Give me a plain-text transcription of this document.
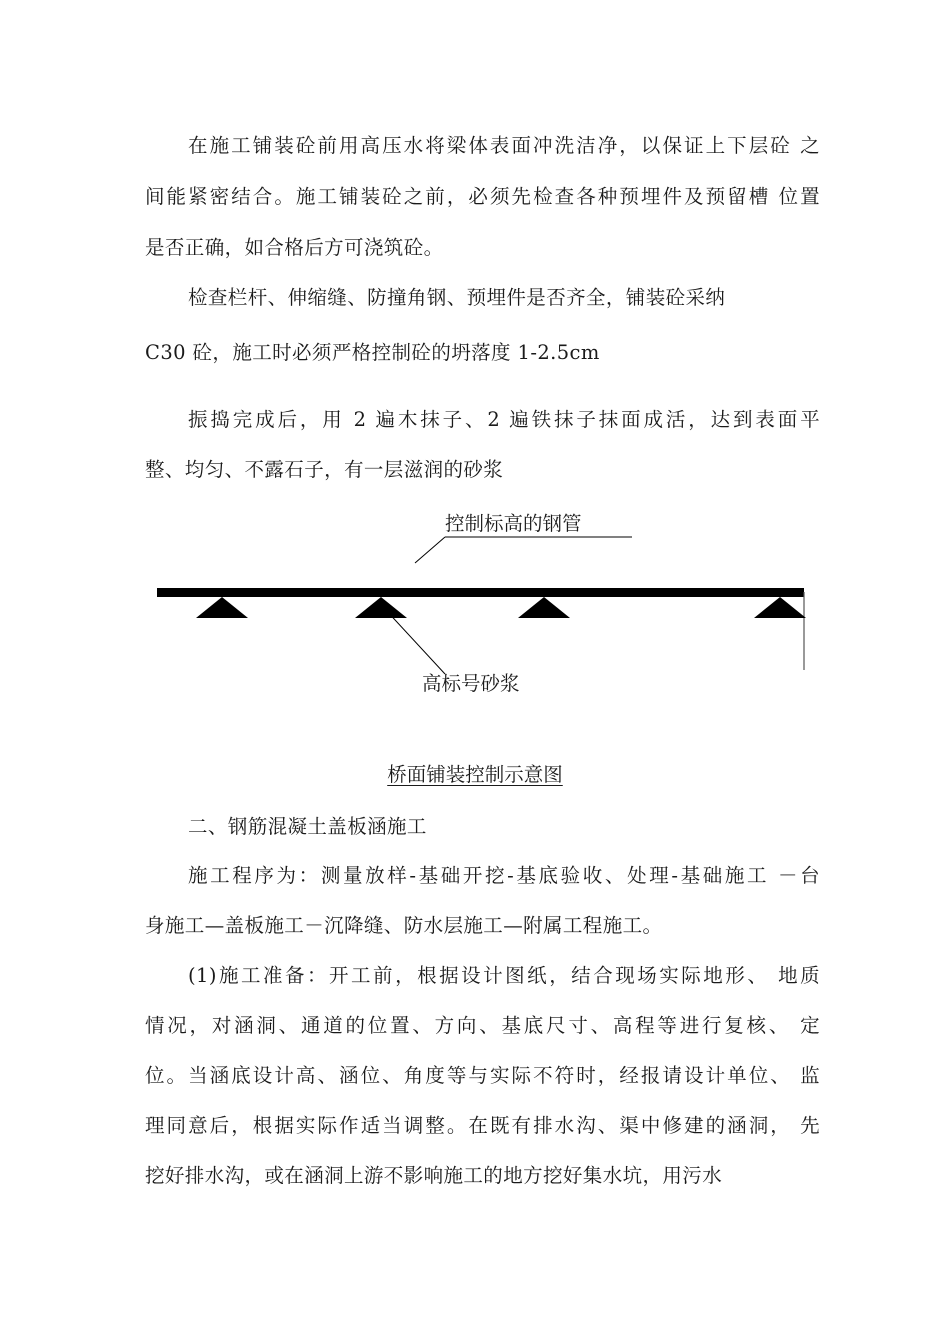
在施工铺装砼前用高压水将梁体表面冲洗洁净，以保证上下层砼 之
间能紧密结合。施工铺装砼之前，必须先检查各种预埋件及预留槽 位置
是否正确，如合格后方可浇筑砼。
检查栏杆、伸缩缝、防撞角钢、预埋件是否齐全，铺装砼采纳
C30 砼，施工时必须严格控制砼的坍落度 1-2.5cm
振捣完成后，用 2 遍木抹子、2 遍铁抹子抹面成活，达到表面平
整、均匀、不露石子，有一层滋润的砂浆
控制标高的钢管
高标号砂浆
桥面铺装控制示意图
二、钢筋混凝土盖板涵施工
施工程序为：测量放样-基础开挖-基底验收、处理-基础施工 －台
身施工—盖板施工－沉降缝、防水层施工—附属工程施工。
(1)施工准备：开工前，根据设计图纸，结合现场实际地形、 地质
情况，对涵洞、通道的位置、方向、基底尺寸、高程等进行复核、 定
位。当涵底设计高、涵位、角度等与实际不符时，经报请设计单位、 监
理同意后，根据实际作适当调整。在既有排水沟、渠中修建的涵洞， 先
挖好排水沟，或在涵洞上游不影响施工的地方挖好集水坑，用污水
